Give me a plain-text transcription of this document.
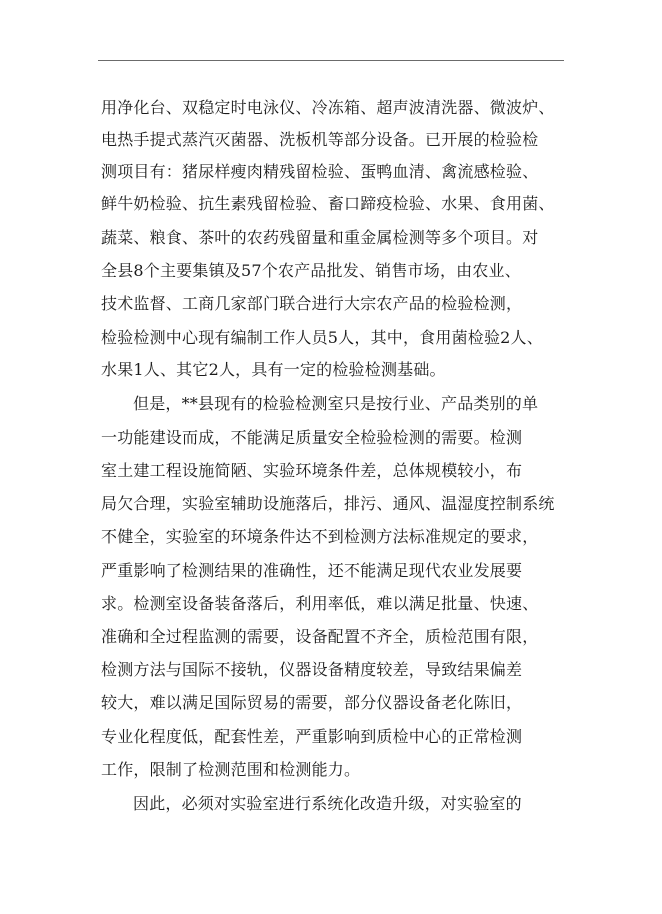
用净化台、双稳定时电泳仪、冷冻箱、超声波清洗器、微波炉、
电热手提式蒸汽灭菌器、洗板机等部分设备。已开展的检验检
测项目有：猪尿样瘦肉精残留检验、蛋鸭血清、禽流感检验、
鲜牛奶检验、抗生素残留检验、畜口蹄疫检验、水果、食用菌、
蔬菜、粮食、茶叶的农药残留量和重金属检测等多个项目。对
全县8个主要集镇及57个农产品批发、销售市场，由农业、
技术监督、工商几家部门联合进行大宗农产品的检验检测，
检验检测中心现有编制工作人员5人，其中，食用菌检验2人、
水果1人、其它2人，具有一定的检验检测基础。
但是，**县现有的检验检测室只是按行业、产品类别的单
一功能建设而成，不能满足质量安全检验检测的需要。检测
室土建工程设施简陋、实验环境条件差，总体规模较小，布
局欠合理，实验室辅助设施落后，排污、通风、温湿度控制系统
不健全，实验室的环境条件达不到检测方法标准规定的要求，
严重影响了检测结果的准确性，还不能满足现代农业发展要
求。检测室设备装备落后，利用率低，难以满足批量、快速、
准确和全过程监测的需要，设备配置不齐全，质检范围有限，
检测方法与国际不接轨，仪器设备精度较差，导致结果偏差
较大，难以满足国际贸易的需要，部分仪器设备老化陈旧，
专业化程度低，配套性差，严重影响到质检中心的正常检测
工作，限制了检测范围和检测能力。
因此，必须对实验室进行系统化改造升级，对实验室的
